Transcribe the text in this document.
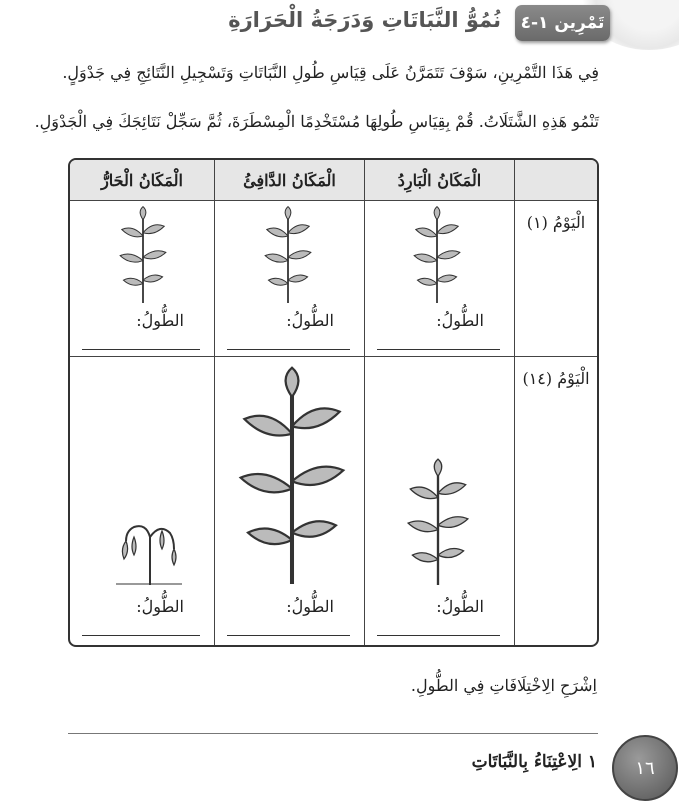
تَمْرِين ١-٤
نُمُوُّ النَّبَاتَاتِ وَدَرَجَةُ الْحَرَارَةِ
فِي هَذَا التَّمْرِينِ، سَوْفَ تَتَمَرَّنُ عَلَى قِيَاسِ طُولِ النَّبَاتَاتِ وَتَسْجِيلِ النَّتَائِجِ فِي جَدْوَلٍ.
تَنْمُو هَذِهِ الشَّتَلَاتُ. قُمْ بِقِيَاسِ طُولِهَا مُسْتَخْدِمًا الْمِسْطَرَةَ، ثُمَّ سَجِّلْ نَتَائِجَكَ فِي الْجَدْوَلِ.
	الْمَكَانُ الْبَارِدُ	الْمَكَانُ الدَّافِئُ	الْمَكَانُ الْحَارُّ
الْيَوْمُ (١)	الطُّولُ:	الطُّولُ:	الطُّولُ:

الْيَوْمُ (١٤)	الطُّولُ:	الطُّولُ:	الطُّولُ:
اِشْرَحِ الِاخْتِلَافَاتِ فِي الطُّولِ.
١ الِاعْتِنَاءُ بِالنَّبَاتَاتِ	١٦
